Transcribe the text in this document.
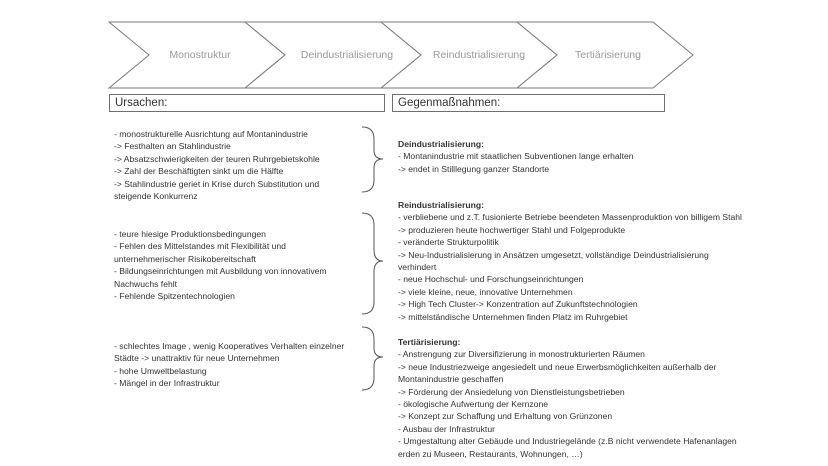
Monostruktur	Deindustrialisierung	Reindustrialisierung	Tertiärisierung
Ursachen:	Gegenmaßnahmen:
- monostrukturelle Ausrichtung auf Montanindustrie
-> Festhalten an Stahlindustrie
-> Absatzschwierigkeiten der teuren Ruhrgebietskohle
-> Zahl der Beschäftigten sinkt um die Hälfte
-> Stahlindustrie geriet in Krise durch Substitution und
steigende Konkurrenz
- teure hiesige Produktionsbedingungen
- Fehlen des Mittelstandes mit Flexibilität und
unternehmerischer Risikobereitschaft
- Bildungseinrichtungen mit Ausbildung von innovativem
Nachwuchs fehlt
- Fehlende Spitzentechnologien
- schlechtes Image , wenig Kooperatives Verhalten einzelner
Städte -> unattraktiv für neue Unternehmen
- hohe Umweltbelastung
- Mängel in der Infrastruktur
Deindustrialisierung:
- Montanindustrie mit staatlichen Subventionen lange erhalten
-> endet in Stilllegung ganzer Standorte
Reindustrialisierung:
- verbliebene und z.T. fusionierte Betriebe beendeten Massenproduktion von billigem Stahl
-> produzieren heute hochwertiger Stahl und Folgeprodukte
- veränderte Strukturpolitik
-> Neu-Industrialisierung in Ansätzen umgesetzt, vollständige Deindustrialisierung
verhindert
- neue Hochschul- und Forschungseinrichtungen
-> viele kleine, neue, innovative Unternehmen
-> High Tech Cluster-> Konzentration auf Zukunftstechnologien
-> mittelständische Unternehmen finden Platz im Ruhrgebiet
Tertiärisierung:
- Anstrengung zur Diversifizierung in monostrukturierten Räumen
-> neue Industriezweige angesiedelt und neue Erwerbsmöglichkeiten außerhalb der
Montanindustrie geschaffen
-> Förderung der Ansiedelung von Dienstleistungsbetrieben
- ökologische Aufwertung der Kernzone
-> Konzept zur Schaffung und Erhaltung von Grünzonen
- Ausbau der Infrastruktur
- Umgestaltung alter Gebäude und Industriegelände (z.B nicht verwendete Hafenanlagen
erden zu Museen, Restaurants, Wohnungen, …)
